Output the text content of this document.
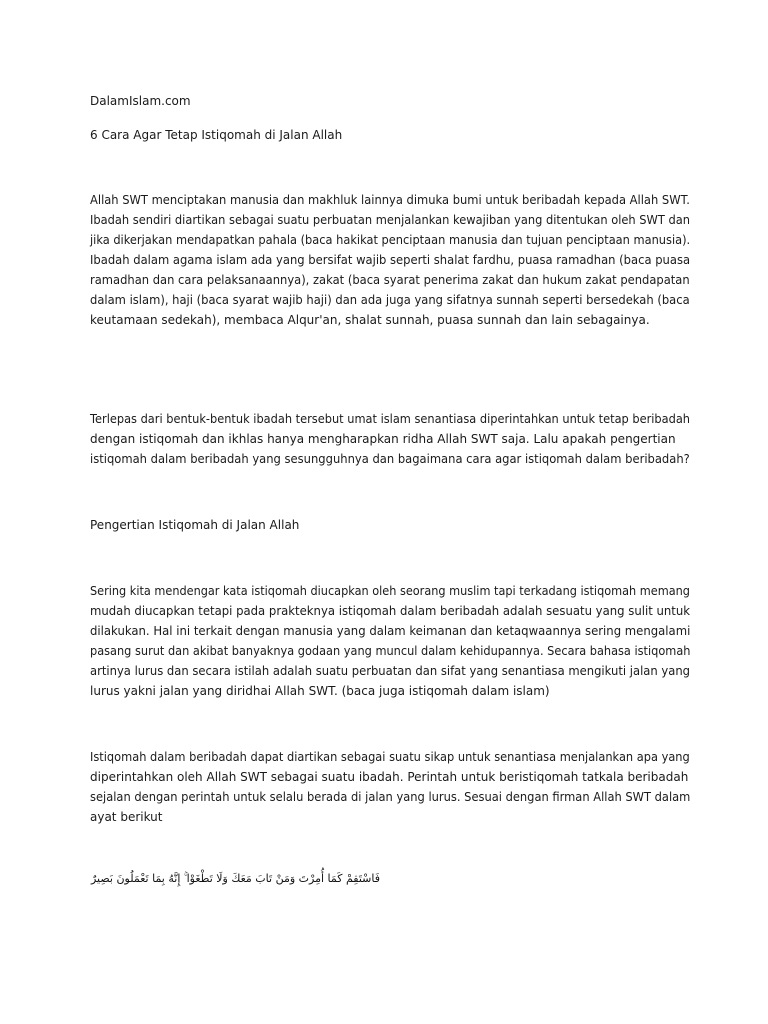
DalamIslam.com
6 Cara Agar Tetap Istiqomah di Jalan Allah
Allah SWT menciptakan manusia dan makhluk lainnya dimuka bumi untuk beribadah kepada Allah SWT.
Ibadah sendiri diartikan sebagai suatu perbuatan menjalankan kewajiban yang ditentukan oleh SWT dan
jika dikerjakan mendapatkan pahala (baca hakikat penciptaan manusia dan tujuan penciptaan manusia).
Ibadah dalam agama islam ada yang bersifat wajib seperti shalat fardhu, puasa ramadhan (baca puasa
ramadhan dan cara pelaksanaannya), zakat (baca syarat penerima zakat dan hukum zakat pendapatan
dalam islam), haji (baca syarat wajib haji) dan ada juga yang sifatnya sunnah seperti bersedekah (baca
keutamaan sedekah), membaca Alqur'an, shalat sunnah, puasa sunnah dan lain sebagainya.
Terlepas dari bentuk-bentuk ibadah tersebut umat islam senantiasa diperintahkan untuk tetap beribadah
dengan istiqomah dan ikhlas hanya mengharapkan ridha Allah SWT saja. Lalu apakah pengertian
istiqomah dalam beribadah yang sesungguhnya dan bagaimana cara agar istiqomah dalam beribadah?
Pengertian Istiqomah di Jalan Allah
Sering kita mendengar kata istiqomah diucapkan oleh seorang muslim tapi terkadang istiqomah memang
mudah diucapkan tetapi pada prakteknya istiqomah dalam beribadah adalah sesuatu yang sulit untuk
dilakukan. Hal ini terkait dengan manusia yang dalam keimanan dan ketaqwaannya sering mengalami
pasang surut dan akibat banyaknya godaan yang muncul dalam kehidupannya. Secara bahasa istiqomah
artinya lurus dan secara istilah adalah suatu perbuatan dan sifat yang senantiasa mengikuti jalan yang
lurus yakni jalan yang diridhai Allah SWT. (baca juga istiqomah dalam islam)
Istiqomah dalam beribadah dapat diartikan sebagai suatu sikap untuk senantiasa menjalankan apa yang
diperintahkan oleh Allah SWT sebagai suatu ibadah. Perintah untuk beristiqomah tatkala beribadah
sejalan dengan perintah untuk selalu berada di jalan yang lurus. Sesuai dengan firman Allah SWT dalam
ayat berikut
فَاسْتَقِمْ كَمَا أُمِرْتَ وَمَنْ تَابَ مَعَكَ وَلَا تَطْغَوْا ۚ إِنَّهُ بِمَا تَعْمَلُونَ بَصِيرٌ
